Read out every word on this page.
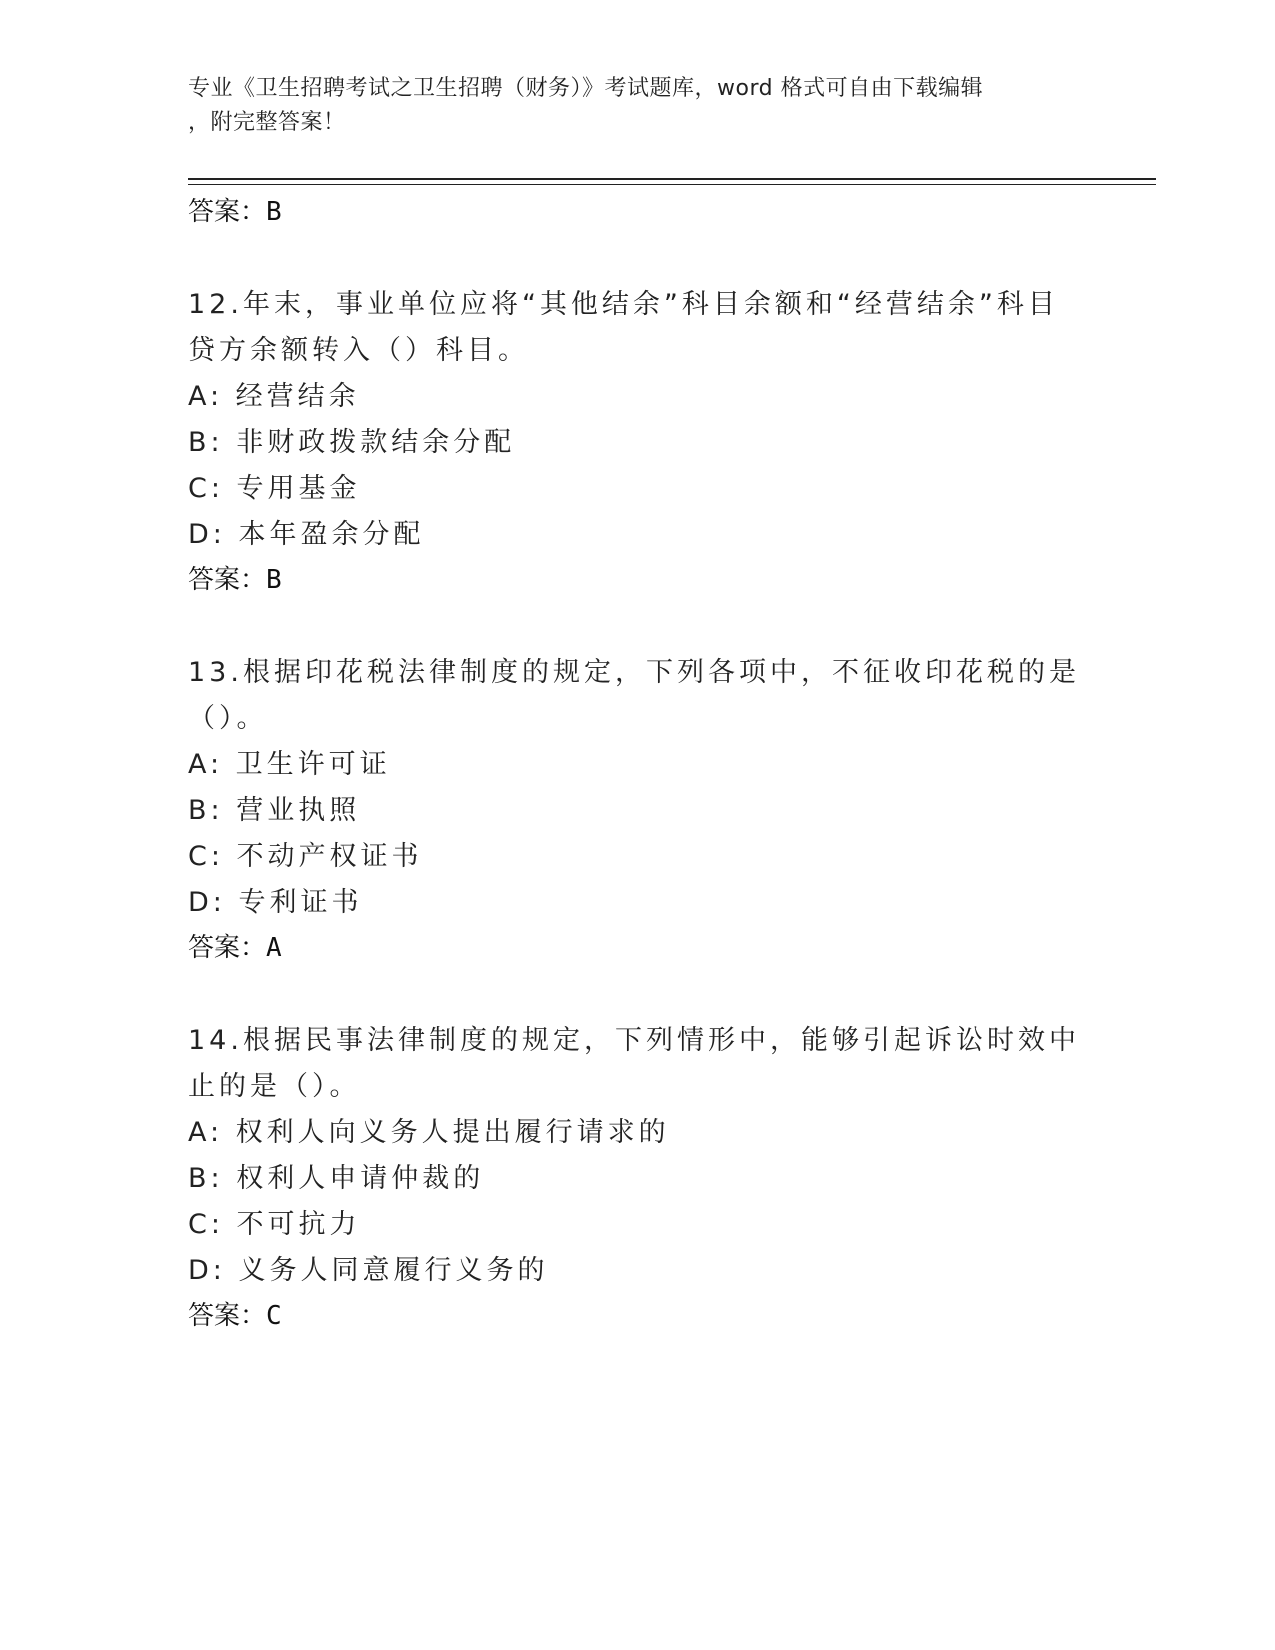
专业《卫生招聘考试之卫生招聘（财务）》考试题库，word 格式可自由下载编辑
，附完整答案！
答案：B
12.年末，事业单位应将“其他结余”科目余额和“经营结余”科目贷方余额转入（）科目。
A: 经营结余
B: 非财政拨款结余分配
C: 专用基金
D: 本年盈余分配
答案：B
13.根据印花税法律制度的规定，下列各项中，不征收印花税的是（）。
A: 卫生许可证
B: 营业执照
C: 不动产权证书
D: 专利证书
答案：A
14.根据民事法律制度的规定，下列情形中，能够引起诉讼时效中止的是（）。
A: 权利人向义务人提出履行请求的
B: 权利人申请仲裁的
C: 不可抗力
D: 义务人同意履行义务的
答案：C
